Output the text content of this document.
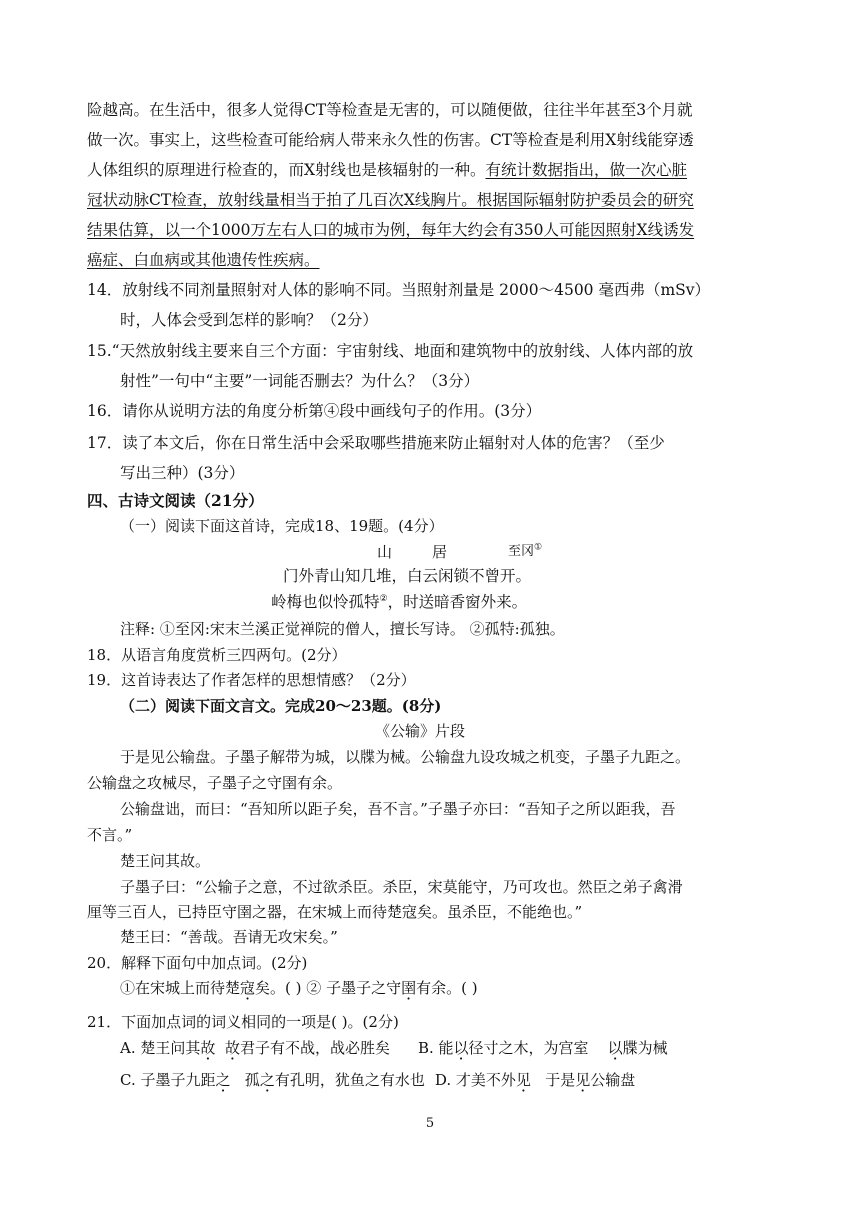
险越高。在生活中，很多人觉得CT等检查是无害的，可以随便做，往往半年甚至3个月就
做一次。事实上，这些检查可能给病人带来永久性的伤害。CT等检查是利用X射线能穿透
人体组织的原理进行检查的，而X射线也是核辐射的一种。有统计数据指出，做一次心脏
冠状动脉CT检查，放射线量相当于拍了几百次X线胸片。根据国际辐射防护委员会的研究
结果估算，以一个1000万左右人口的城市为例，每年大约会有350人可能因照射X线诱发
癌症、白血病或其他遗传性疾病。
14．放射线不同剂量照射对人体的影响不同。当照射剂量是 2000～4500 毫西弗（mSv）
时，人体会受到怎样的影响？（2分）
15.“天然放射线主要来自三个方面：宇宙射线、地面和建筑物中的放射线、人体内部的放
射性”一句中“主要”一词能否删去？为什么？（3分）
16．请你从说明方法的角度分析第④段中画线句子的作用。(3分）
17．读了本文后，你在日常生活中会采取哪些措施来防止辐射对人体的危害？（至少
写出三种）(3分）
四、古诗文阅读（21分）
（一）阅读下面这首诗，完成18、19题。(4分）
山	居	至冈①
门外青山知几堆，白云闲锁不曾开。
岭梅也似怜孤特②，时送暗香窗外来。
注释: ①至冈:宋末兰溪正觉禅院的僧人，擅长写诗。 ②孤特:孤独。
18．从语言角度赏析三四两句。(2分）
19．这首诗表达了作者怎样的思想情感？（2分）
（二）阅读下面文言文。完成20～23题。(8分)
《公输》片段
于是见公输盘。子墨子解带为城，以牒为械。公输盘九设攻城之机变，子墨子九距之。
公输盘之攻械尽，子墨子之守圉有余。
公输盘诎，而曰：“吾知所以距子矣，吾不言。”子墨子亦曰：“吾知子之所以距我，吾
不言。”
楚王问其故。
子墨子曰：“公输子之意，不过欲杀臣。杀臣，宋莫能守，乃可攻也。然臣之弟子禽滑
厘等三百人，已持臣守圉之器，在宋城上而待楚寇矣。虽杀臣，不能绝也。”
楚王曰：“善哉。吾请无攻宋矣。”
20．解释下面句中加点词。(2分)
①在宋城上而待楚寇矣。( ) ② 子墨子之守圉有余。( )
21．下面加点词的词义相同的一项是( )。(2分)
A. 楚王问其故 故君子有不战，战必胜矣 B. 能以径寸之木，为宫室    以牒为械
C. 子墨子九距之   孤之有孔明，犹鱼之有水也 D. 才美不外见   于是见公输盘
5
